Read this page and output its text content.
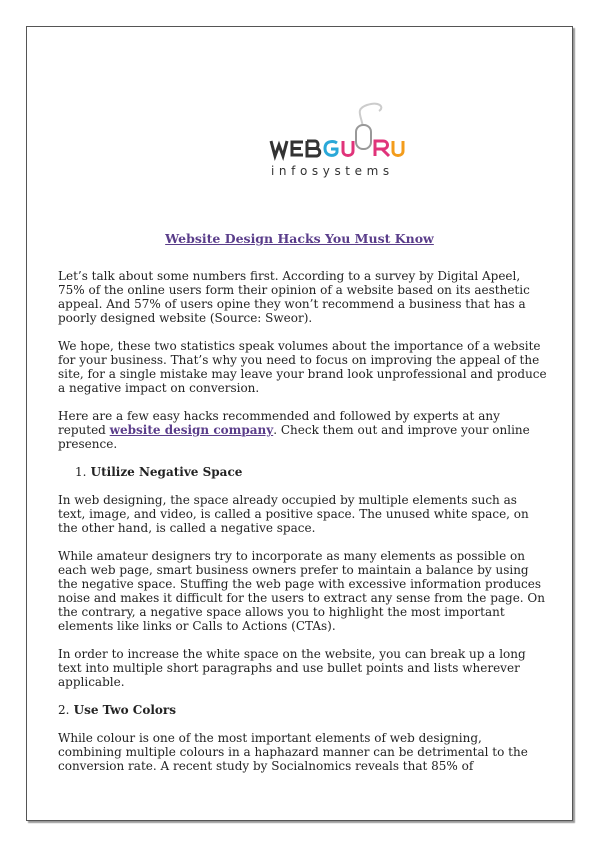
infosystems
Website Design Hacks You Must Know

Let’s talk about some numbers first. According to a survey by Digital Apeel, 75% of the online users form their opinion of a website based on its aesthetic appeal. And 57% of users opine they won’t recommend a business that has a poorly designed website (Source: Sweor).

We hope, these two statistics speak volumes about the importance of a website for your business. That’s why you need to focus on improving the appeal of the site, for a single mistake may leave your brand look unprofessional and produce a negative impact on conversion.

Here are a few easy hacks recommended and followed by experts at any reputed website design company. Check them out and improve your online presence.

1. Utilize Negative Space

In web designing, the space already occupied by multiple elements such as text, image, and video, is called a positive space. The unused white space, on the other hand, is called a negative space.

While amateur designers try to incorporate as many elements as possible on each web page, smart business owners prefer to maintain a balance by using the negative space. Stuffing the web page with excessive information produces noise and makes it difficult for the users to extract any sense from the page. On the contrary, a negative space allows you to highlight the most important elements like links or Calls to Actions (CTAs).

In order to increase the white space on the website, you can break up a long text into multiple short paragraphs and use bullet points and lists wherever applicable.

2. Use Two Colors

While colour is one of the most important elements of web designing, combining multiple colours in a haphazard manner can be detrimental to the conversion rate. A recent study by Socialnomics reveals that 85% of
